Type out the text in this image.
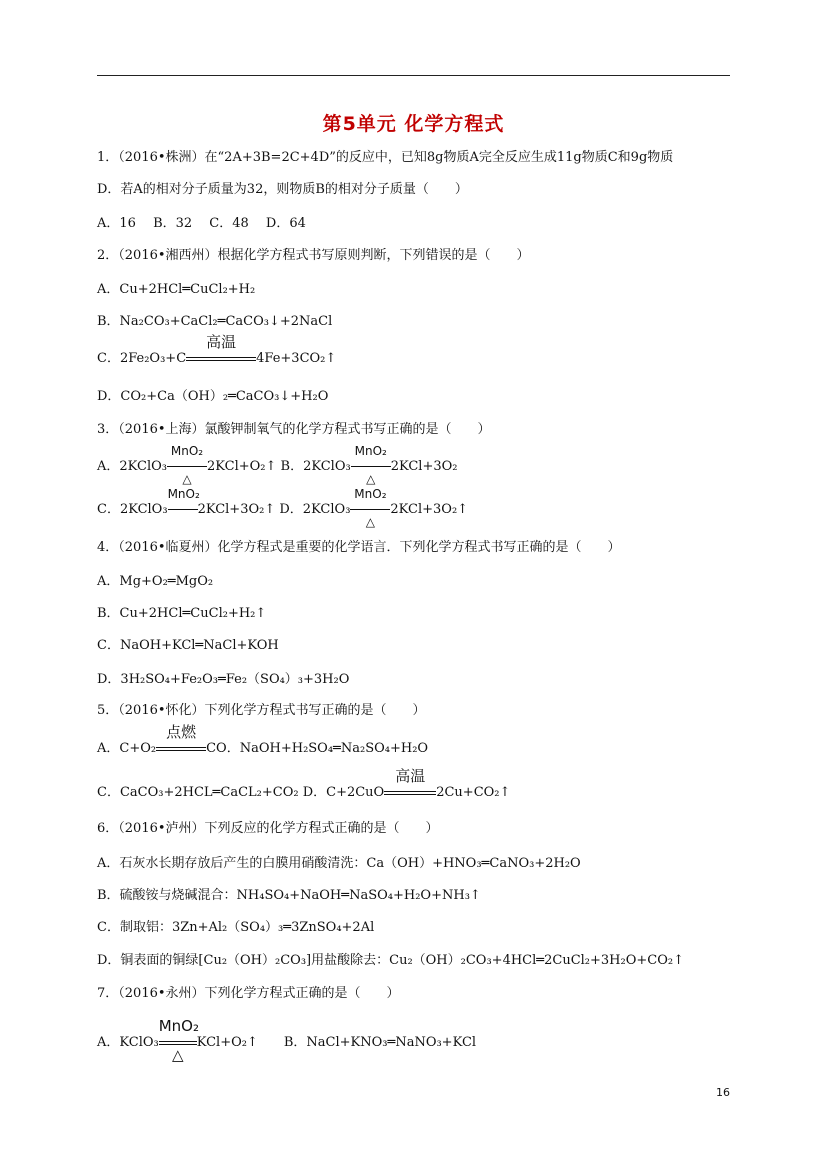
第5单元 化学方程式
1．（2016•株洲）在“2A+3B=2C+4D”的反应中，已知8g物质A完全反应生成11g物质C和9g物质
D．若A的相对分子质量为32，则物质B的相对分子质量（　　）
A．16　 B．32　 C．48　 D．64
2．（2016•湘西州）根据化学方程式书写原则判断，下列错误的是（　　）
A．Cu+2HCl═CuCl₂+H₂
B．Na₂CO₃+CaCl₂═CaCO₃↓+2NaCl
C．2Fe₂O₃+C
高温
4Fe+3CO₂↑
D．CO₂+Ca（OH）₂═CaCO₃↓+H₂O
3．（2016•上海）氯酸钾制氧气的化学方程式书写正确的是（　　）
A．2KClO₃
MnO₂
△
2KCl+O₂↑ B．2KClO₃
MnO₂
△
2KCl+3O₂
C．2KClO₃
MnO₂
2KCl+3O₂↑ D．2KClO₃
MnO₂
△
2KCl+3O₂↑
4．（2016•临夏州）化学方程式是重要的化学语言．下列化学方程式书写正确的是（　　）
A．Mg+O₂═MgO₂
B．Cu+2HCl═CuCl₂+H₂↑
C．NaOH+KCl═NaCl+KOH
D．3H₂SO₄+Fe₂O₃═Fe₂（SO₄）₃+3H₂O
5．（2016•怀化）下列化学方程式书写正确的是（　　）
A．C+O₂
点燃
CO．NaOH+H₂SO₄═Na₂SO₄+H₂O
C．CaCO₃+2HCL═CaCL₂+CO₂ D．C+2CuO
高温
2Cu+CO₂↑
6．（2016•泸州）下列反应的化学方程式正确的是（　　）
A．石灰水长期存放后产生的白膜用硝酸清洗：Ca（OH）+HNO₃═CaNO₃+2H₂O
B．硫酸铵与烧碱混合：NH₄SO₄+NaOH═NaSO₄+H₂O+NH₃↑
C．制取铝：3Zn+Al₂（SO₄）₃═3ZnSO₄+2Al
D．铜表面的铜绿[Cu₂（OH）₂CO₃]用盐酸除去：Cu₂（OH）₂CO₃+4HCl═2CuCl₂+3H₂O+CO₂↑
7．（2016•永州）下列化学方程式正确的是（　　）
A．KClO₃
MnO₂
△
KCl+O₂↑　　B．NaCl+KNO₃═NaNO₃+KCl
16
